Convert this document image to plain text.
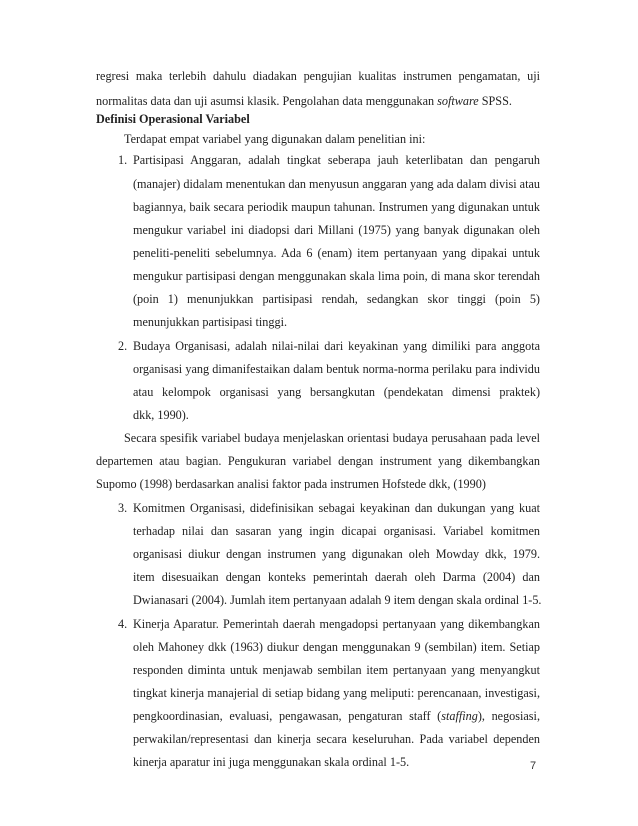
regresi maka terlebih dahulu diadakan pengujian kualitas instrumen pengamatan, uji
normalitas data dan uji asumsi klasik. Pengolahan data menggunakan software SPSS.
Definisi Operasional Variabel
Terdapat empat variabel yang digunakan dalam penelitian ini:
1. Partisipasi Anggaran, adalah tingkat seberapa jauh keterlibatan dan pengaruh
(manajer) didalam menentukan dan menyusun anggaran yang ada dalam divisi atau
bagiannya, baik secara periodik maupun tahunan. Instrumen yang digunakan untuk
mengukur variabel ini diadopsi dari Millani (1975) yang banyak digunakan oleh
peneliti-peneliti sebelumnya. Ada 6 (enam) item pertanyaan yang dipakai untuk
mengukur partisipasi dengan menggunakan skala lima poin, di mana skor terendah
(poin 1) menunjukkan partisipasi rendah, sedangkan skor tinggi (poin 5)
menunjukkan partisipasi tinggi.
2. Budaya Organisasi, adalah nilai-nilai dari keyakinan yang dimiliki para anggota
organisasi yang dimanifestaikan dalam bentuk norma-norma perilaku para individu
atau kelompok organisasi yang bersangkutan (pendekatan dimensi praktek)
dkk, 1990).
Secara spesifik variabel budaya menjelaskan orientasi budaya perusahaan pada level
departemen atau bagian. Pengukuran variabel dengan instrument yang dikembangkan
Supomo (1998) berdasarkan analisi faktor pada instrumen Hofstede dkk, (1990)
3. Komitmen Organisasi, didefinisikan sebagai keyakinan dan dukungan yang kuat
terhadap nilai dan sasaran yang ingin dicapai organisasi. Variabel komitmen
organisasi diukur dengan instrumen yang digunakan oleh Mowday dkk, 1979.
item disesuaikan dengan konteks pemerintah daerah oleh Darma (2004) dan
Dwianasari (2004). Jumlah item pertanyaan adalah 9 item dengan skala ordinal 1-5.
4. Kinerja Aparatur. Pemerintah daerah mengadopsi pertanyaan yang dikembangkan
oleh Mahoney dkk (1963) diukur dengan menggunakan 9 (sembilan) item. Setiap
responden diminta untuk menjawab sembilan item pertanyaan yang menyangkut
tingkat kinerja manajerial di setiap bidang yang meliputi: perencanaan, investigasi,
pengkoordinasian, evaluasi, pengawasan, pengaturan staff (staffing), negosiasi,
perwakilan/representasi dan kinerja secara keseluruhan. Pada variabel dependen
kinerja aparatur ini juga menggunakan skala ordinal 1-5.	7
